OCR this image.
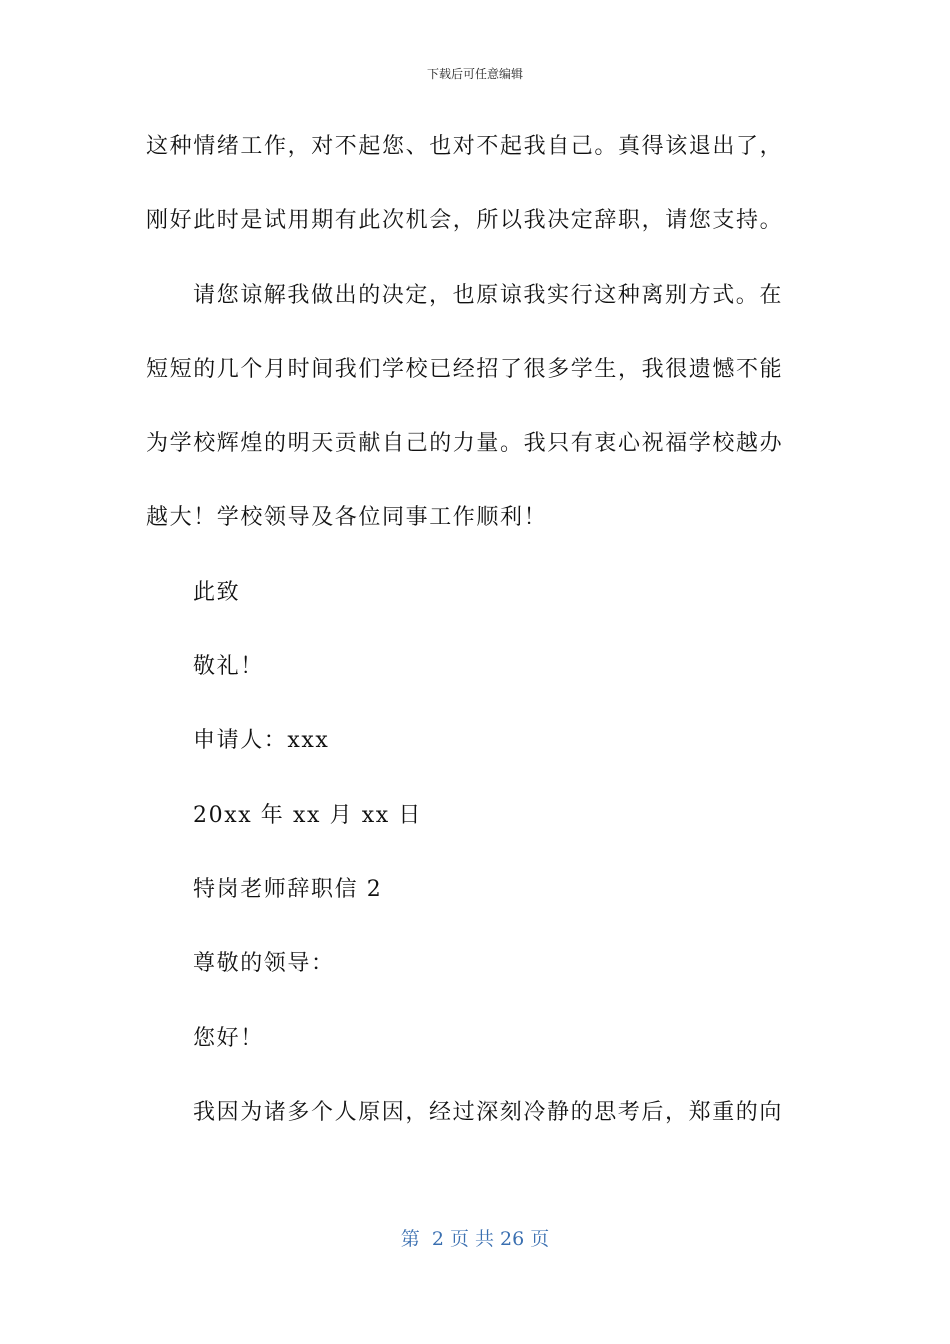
下载后可任意编辑
这种情绪工作，对不起您、也对不起我自己。真得该退出了，
刚好此时是试用期有此次机会，所以我决定辞职，请您支持。
请您谅解我做出的决定，也原谅我实行这种离别方式。在
短短的几个月时间我们学校已经招了很多学生，我很遗憾不能
为学校辉煌的明天贡献自己的力量。我只有衷心祝福学校越办
越大！学校领导及各位同事工作顺利！
此致
敬礼！
申请人：xxx
20xx 年 xx 月 xx 日
特岗老师辞职信 2
尊敬的领导：
您好！
我因为诸多个人原因，经过深刻冷静的思考后，郑重的向
第  2 页 共 26 页
